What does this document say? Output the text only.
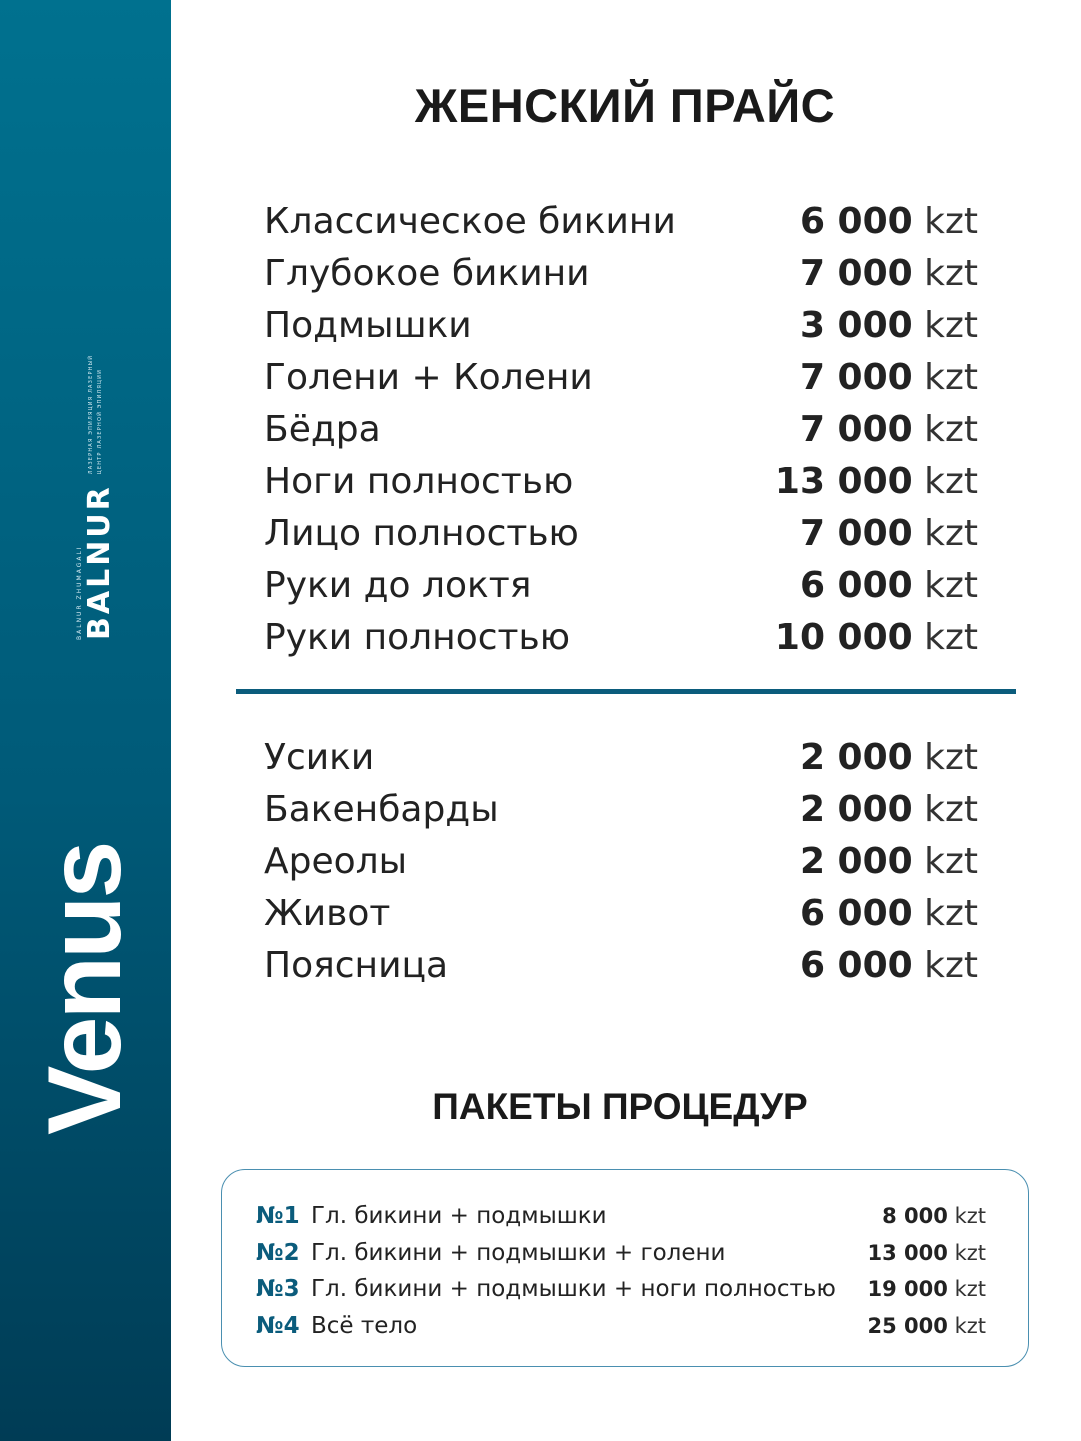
BALNUR ZHUMAGALI BALNUR
ЛАЗЕРНАЯ ЭПИЛЯЦИЯ ЛАЗЕРНЫЙ ЦЕНТР ЛАЗЕРНОЙ ЭПИЛЯЦИИ
Venus
ЖЕНСКИЙ ПРАЙС
Классическое бикини	6 000 kzt
Глубокое бикини	7 000 kzt
Подмышки	3 000 kzt
Голени + Колени	7 000 kzt
Бёдра	7 000 kzt
Ноги полностью	13 000 kzt
Лицо полностью	7 000 kzt
Руки до локтя	6 000 kzt
Руки полностью	10 000 kzt
Усики	2 000 kzt
Бакенбарды	2 000 kzt
Ареолы	2 000 kzt
Живот	6 000 kzt
Поясница	6 000 kzt
ПАКЕТЫ ПРОЦЕДУР
№1 Гл. бикини + подмышки	8 000 kzt
№2 Гл. бикини + подмышки + голени	13 000 kzt
№3 Гл. бикини + подмышки + ноги полностью	19 000 kzt
№4 Всё тело	25 000 kzt
